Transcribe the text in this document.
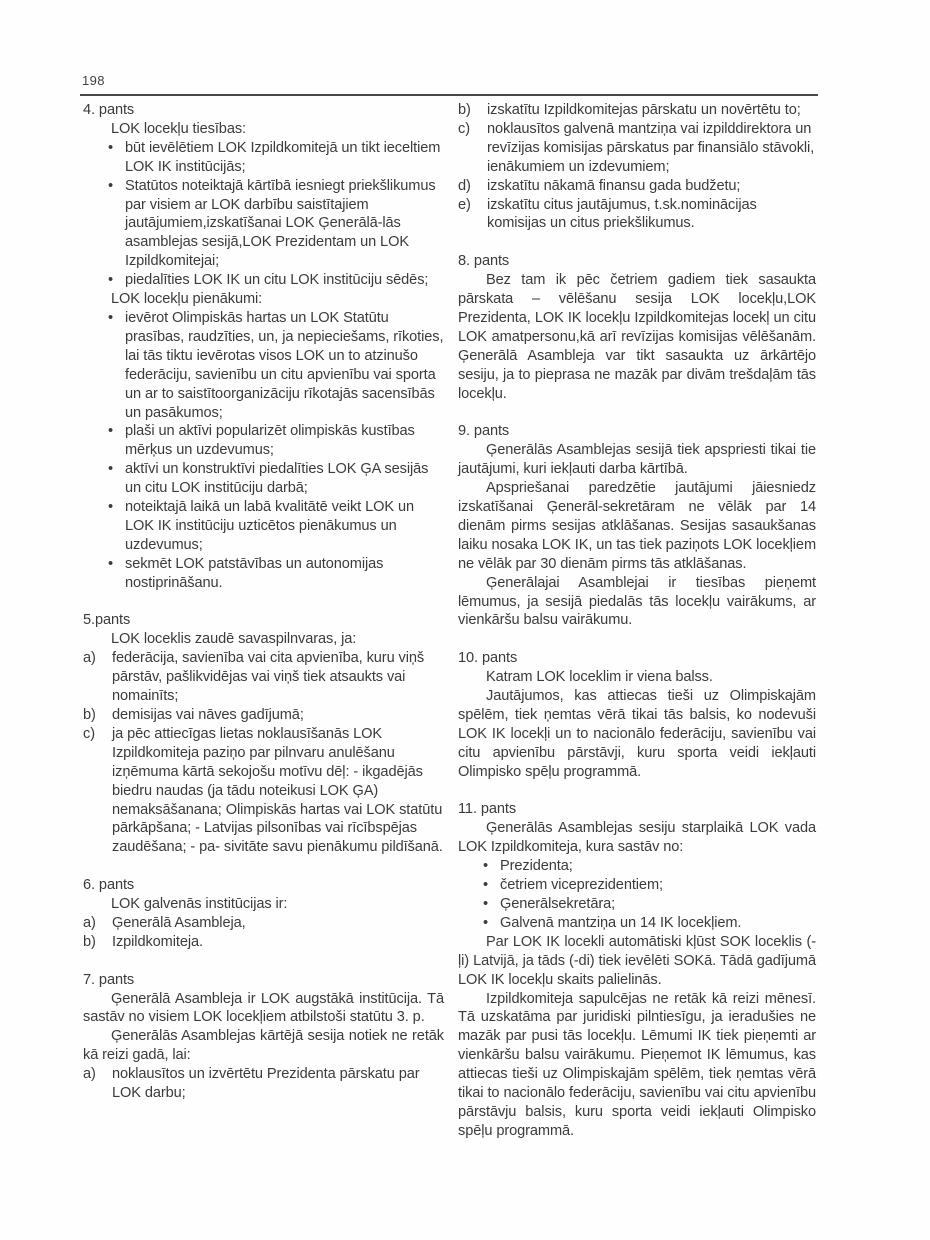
198
4. pants

LOK locekļu tiesības:

• būt ievēlētiem LOK Izpildkomitejā un tikt ieceltiem LOK IK institūcijās;
• Statūtos noteiktajā kārtībā iesniegt priekšlikumus par visiem ar LOK darbību saistītajiem jautājumiem,izskatīšanai LOK Ģenerālā-lās asamblejas sesijā,LOK Prezidentam un LOK Izpildkomitejai;
• piedalīties LOK IK un citu LOK institūciju sēdēs;

LOK locekļu pienākumi:

• ievērot Olimpiskās hartas un LOK Statūtu prasības, raudzīties, un, ja nepieciešams, rīkoties, lai tās tiktu ievērotas visos LOK un to atzinušo federāciju, savienību un citu apvienību vai sporta un ar to saistītoorganizāciju rīkotajās sacensībās un pasākumos;
• plaši un aktīvi popularizēt olimpiskās kustības mērķus un uzdevumus;
• aktīvi un konstruktīvi piedalīties LOK ĢA sesijās un citu LOK institūciju darbā;
• noteiktajā laikā un labā kvalitātē veikt LOK un LOK IK institūciju uzticētos pienākumus un uzdevumus;
• sekmēt LOK patstāvības un autonomijas nostiprināšanu.
5.pants

LOK loceklis zaudē savaspilnvaras, ja:

a)	federācija, savienība vai cita apvienība, kuru viņš pārstāv, pašlikvidējas vai viņš tiek atsaukts vai nomainīts;
b)	demisijas vai nāves gadījumā;
c)	ja pēc attiecīgas lietas noklausīšanās LOK Izpildkomiteja paziņo par pilnvaru anulēšanu izņēmuma kārtā sekojošu motīvu dēļ: - ikgadējās biedru naudas (ja tādu noteikusi LOK ĢA) nemaksāšanana; Olimpiskās hartas vai LOK statūtu pārkāpšana; - Latvijas pilsonības vai rīcībspējas zaudēšana; - pa- sivitāte savu pienākumu pildīšanā.
6. pants

LOK galvenās institūcijas ir:

a)	Ģenerālā Asambleja,
b)	Izpildkomiteja.
7. pants

Ģenerālā Asambleja ir LOK augstākā institūcija. Tā sastāv no visiem LOK locekļiem atbilstoši statūtu 3. p.

Ģenerālās Asamblejas kārtējā sesija notiek ne retāk kā reizi gadā, lai:

a)	noklausītos un izvērtētu Prezidenta pārskatu par LOK darbu;
b)	izskatītu Izpildkomitejas pārskatu un novērtētu to;
c)	noklausītos galvenā mantziņa vai izpilddirektora un revīzijas komisijas pārskatus par finansiālo stāvokli, ienākumiem un izdevumiem;
d)	izskatītu nākamā finansu gada budžetu;
e)	izskatītu citus jautājumus, t.sk.nominācijas komisijas un citus priekšlikumus.
8. pants

Bez tam ik pēc četriem gadiem tiek sasaukta pārskata – vēlēšanu sesija LOK locekļu,LOK Prezidenta, LOK IK locekļu Izpildkomitejas locekļ un citu LOK amatpersonu,kā arī revīzijas komisijas vēlēšanām. Ģenerālā Asambleja var tikt sasaukta uz ārkārtējo sesiju, ja to pieprasa ne mazāk par divām trešdaļām tās locekļu.

9. pants

Ģenerālās Asamblejas sesijā tiek apspriesti tikai tie jautājumi, kuri iekļauti darba kārtībā.

Apspriešanai paredzētie jautājumi jāiesniedz izskatīšanai Ģenerāl-sekretāram ne vēlāk par 14 dienām pirms sesijas atklāšanas. Sesijas sasaukšanas laiku nosaka LOK IK, un tas tiek paziņots LOK locekļiem ne vēlāk par 30 dienām pirms tās atklāšanas.

Ģenerālajai Asamblejai ir tiesības pieņemt lēmumus, ja sesijā piedalās tās locekļu vairākums, ar vienkāršu balsu vairākumu.

10. pants

Katram LOK loceklim ir viena balss.

Jautājumos, kas attiecas tieši uz Olimpiskajām spēlēm, tiek ņemtas vērā tikai tās balsis, ko nodevuši LOK IK locekļi un to nacionālo federāciju, savienību vai citu apvienību pārstāvji, kuru sporta veidi iekļauti Olimpisko spēļu programmā.

11. pants

Ģenerālās Asamblejas sesiju starplaikā LOK vada LOK Izpildkomiteja, kura sastāv no:

• Prezidenta;
• četriem viceprezidentiem;
• Ģenerālsekretāra;
• Galvenā mantziņa un 14 IK locekļiem.

Par LOK IK locekli automātiski kļūst SOK loceklis (-ļi) Latvijā, ja tāds (-di) tiek ievēlēti SOKā. Tādā gadījumā LOK IK locekļu skaits palielinās.

Izpildkomiteja sapulcējas ne retāk kā reizi mēnesī. Tā uzskatāma par juridiski pilntiesīgu, ja ieradušies ne mazāk par pusi tās locekļu. Lēmumi IK tiek pieņemti ar vienkāršu balsu vairākumu. Pieņemot IK lēmumus, kas attiecas tieši uz Olimpiskajām spēlēm, tiek ņemtas vērā tikai to nacionālo federāciju, savienību vai citu apvienību pārstāvju balsis, kuru sporta veidi iekļauti Olimpisko spēļu programmā.
